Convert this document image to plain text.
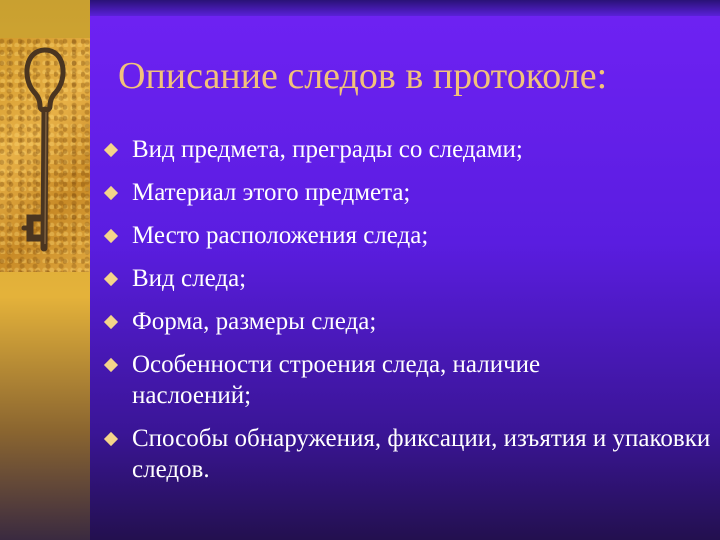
Описание следов в протоколе:
Вид предмета, преграды со следами;
Материал этого предмета;
Место расположения следа;
Вид следа;
Форма, размеры следа;
Особенности строения следа, наличие наслоений;
Способы обнаружения, фиксации, изъятия и упаковки следов.
